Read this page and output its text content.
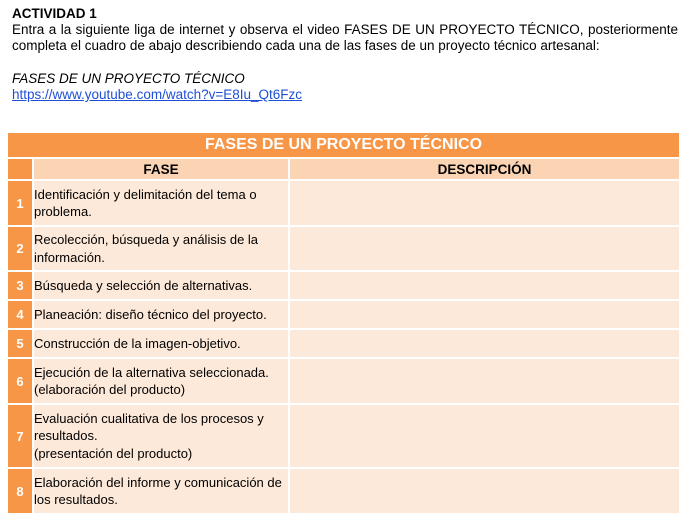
ACTIVIDAD 1

Entra a la siguiente liga de internet y observa el video FASES DE UN PROYECTO TÉCNICO, posteriormente completa el cuadro de abajo describiendo cada una de las fases de un proyecto técnico artesanal:

FASES DE UN PROYECTO TÉCNICO

https://www.youtube.com/watch?v=E8Iu_Qt6Fzc

FASES DE UN PROYECTO TÉCNICO		
	FASE	DESCRIPCIÓN
1	Identificación y delimitación del tema o problema.	
2	Recolección, búsqueda y análisis de la información.	
3	Búsqueda y selección de alternativas.	
4	Planeación: diseño técnico del proyecto.	
5	Construcción de la imagen-objetivo.	
6	Ejecución de la alternativa seleccionada.
(elaboración del producto)	
7	Evaluación cualitativa de los procesos y resultados.
(presentación del producto)	
8	Elaboración del informe y comunicación de los resultados.	
